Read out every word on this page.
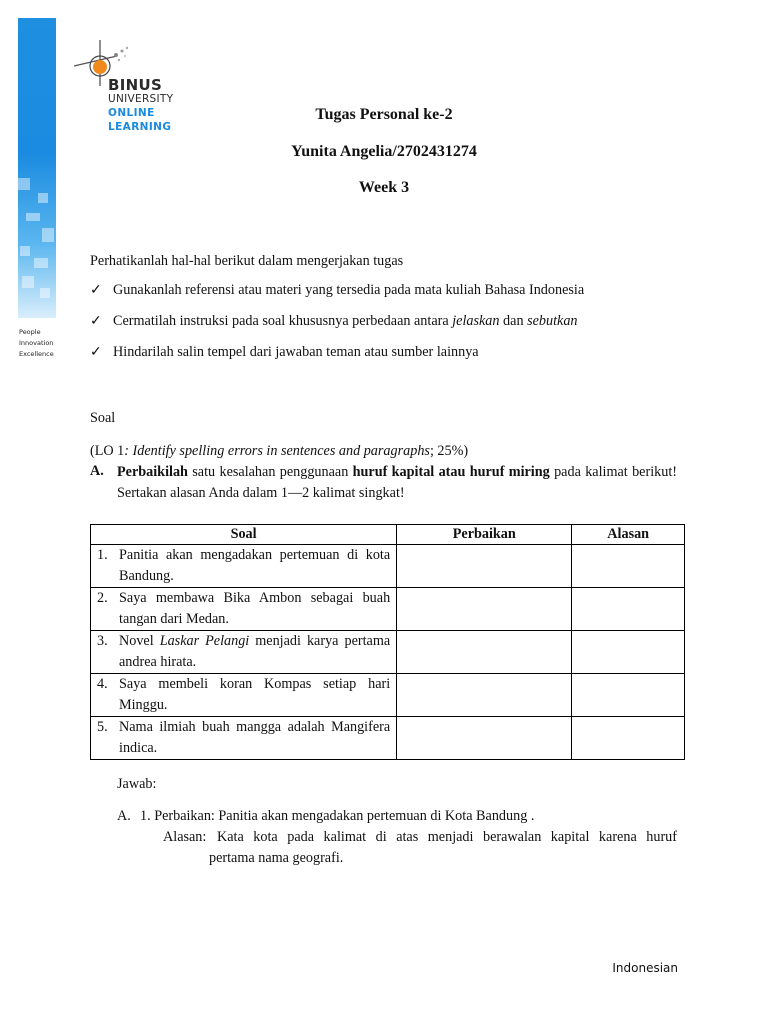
People
Innovation
Excellence
BINUS
UNIVERSITY
ONLINE
LEARNING
Tugas Personal ke-2
Yunita Angelia/2702431274
Week 3
Perhatikanlah hal-hal berikut dalam mengerjakan tugas
✓ Gunakanlah referensi atau materi yang tersedia pada mata kuliah Bahasa Indonesia
✓ Cermatilah instruksi pada soal khususnya perbedaan antara jelaskan dan sebutkan
✓ Hindarilah salin tempel dari jawaban teman atau sumber lainnya
Soal
(LO 1: Identify spelling errors in sentences and paragraphs; 25%)
A. Perbaikilah satu kesalahan penggunaan huruf kapital atau huruf miring pada kalimat berikut! Sertakan alasan Anda dalam 1—2 kalimat singkat!
Soal	Perbaikan	Alasan

1. Panitia akan mengadakan pertemuan di kota Bandung.		

2. Saya membawa Bika Ambon sebagai buah tangan dari Medan.		

3. Novel Laskar Pelangi menjadi karya pertama andrea hirata.		

4. Saya membeli koran Kompas setiap hari Minggu.		

5. Nama ilmiah buah mangga adalah Mangifera indica.		

Jawab:
A. 1. Perbaikan: Panitia akan mengadakan pertemuan di Kota Bandung .
Alasan: Kata kota pada kalimat di atas menjadi berawalan kapital karena huruf
pertama nama geografi.
Indonesian
